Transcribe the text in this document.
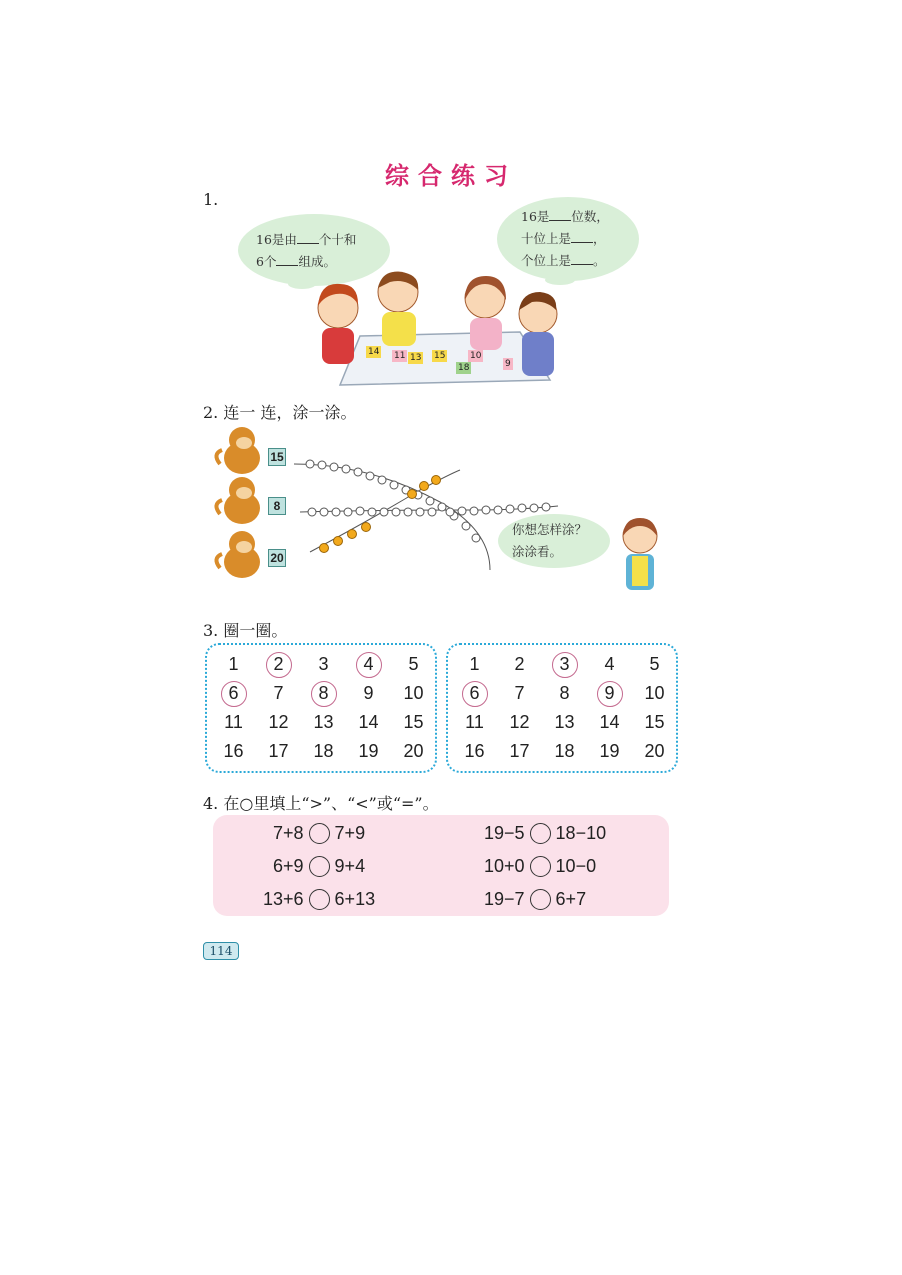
综合练习
1.
16是由 个十和
6个 组成。
16是 位数，
十位上是 ，
个位上是 。
14 11 13 15	10
18	9
2. 连一 连，涂一涂。
15
8
20
你想怎样涂？
涂涂看。
3. 圈一圈。
1	2	3	4	5
6	7	8	9 10
11 12 13 14 15
16 17 18 19 20
1 2	3	4 5
6	7 8	9	10
11 12 13 14 15
16 17 18 19 20
4. 在○里填上“>”、“<”或“=”。
7+8 7+9	19−5 18−10
6+9 9+4	10+0 10−0
13+6 6+13	19−7 6+7
114
